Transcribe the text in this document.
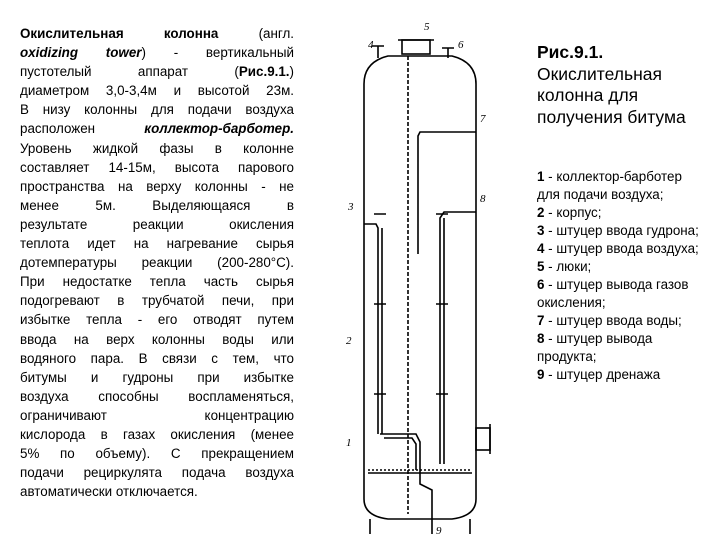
Окислительная колонна (англ.
oxidizing tower) - вертикальный
пустотелый аппарат (Рис.9.1.)
диаметром 3,0-3,4м и высотой 23м.
В низу колонны для подачи воздуха
расположен коллектор-барботер.
Уровень жидкой фазы в колонне
составляет 14-15м, высота парового
пространства на верху колонны - не
менее 5м. Выделяющаяся в
результате реакции окисления
теплота идет на нагревание сырья
дотемпературы реакции (200-280°С).
При недостатке тепла часть сырья
подогревают в трубчатой печи, при
избытке тепла - его отводят путем
ввода на верх колонны воды или
водяного пара. В связи с тем, что
битумы и гудроны при избытке
воздуха способны воспламеняться,
ограничивают концентрацию
кислорода в газах окисления (менее
5% по объему). С прекращением
подачи рециркулята подача воздуха
автоматически отключается.
5
4	6
7
8
3
2
1
9
Рис.9.1.
Окислительная колонна для получения битума
1 - коллектор-барботер для подачи воздуха;
2 - корпус;
3 - штуцер ввода гудрона;
4 - штуцер ввода воздуха;
5 - люки;
6 - штуцер вывода газов окисления;
7 - штуцер ввода воды;
8 - штуцер вывода продукта;
9 - штуцер дренажа
